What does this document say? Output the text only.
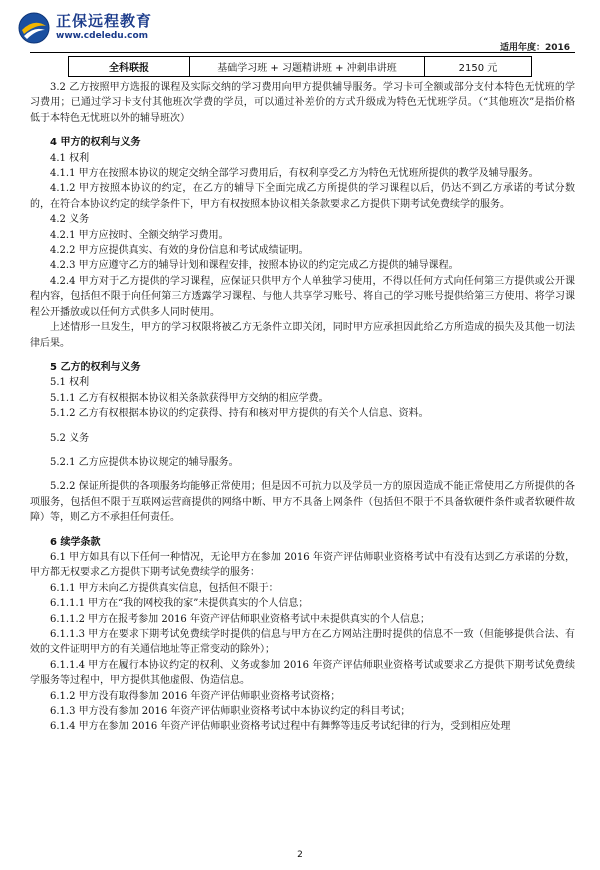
正保远程教育
www.cdeledu.com
适用年度：2016
全科联报	基础学习班 + 习题精讲班 + 冲刺串讲班	2150 元

3.2 乙方按照甲方选报的课程及实际交纳的学习费用向甲方提供辅导服务。学习卡可全额或部分支付本特色无忧班的学习费用；已通过学习卡支付其他班次学费的学员，可以通过补差价的方式升级成为特色无忧班学员。（“其他班次”是指价格低于本特色无忧班以外的辅导班次）

4 甲方的权利与义务

4.1 权利

4.1.1 甲方在按照本协议的规定交纳全部学习费用后，有权利享受乙方为特色无忧班所提供的教学及辅导服务。

4.1.2 甲方按照本协议的约定，在乙方的辅导下全面完成乙方所提供的学习课程以后，仍达不到乙方承诺的考试分数的，在符合本协议约定的续学条件下，甲方有权按照本协议相关条款要求乙方提供下期考试免费续学的服务。

4.2 义务

4.2.1 甲方应按时、全额交纳学习费用。

4.2.2 甲方应提供真实、有效的身份信息和考试成绩证明。

4.2.3 甲方应遵守乙方的辅导计划和课程安排，按照本协议的约定完成乙方提供的辅导课程。

4.2.4 甲方对于乙方提供的学习课程，应保证只供甲方个人单独学习使用，不得以任何方式向任何第三方提供或公开课程内容，包括但不限于向任何第三方透露学习课程、与他人共享学习账号、将自己的学习账号提供给第三方使用、将学习课程公开播放或以任何方式供多人同时使用。

上述情形一旦发生，甲方的学习权限将被乙方无条件立即关闭，同时甲方应承担因此给乙方所造成的损失及其他一切法律后果。

5 乙方的权利与义务

5.1 权利

5.1.1 乙方有权根据本协议相关条款获得甲方交纳的相应学费。

5.1.2 乙方有权根据本协议的约定获得、持有和核对甲方提供的有关个人信息、资料。

5.2 义务

5.2.1 乙方应提供本协议规定的辅导服务。

5.2.2 保证所提供的各项服务均能够正常使用；但是因不可抗力以及学员一方的原因造成不能正常使用乙方所提供的各项服务，包括但不限于互联网运营商提供的网络中断、甲方不具备上网条件（包括但不限于不具备软硬件条件或者软硬件故障）等，则乙方不承担任何责任。

6 续学条款

6.1 甲方如具有以下任何一种情况，无论甲方在参加 2016 年资产评估师职业资格考试中有没有达到乙方承诺的分数，甲方都无权要求乙方提供下期考试免费续学的服务：

6.1.1 甲方未向乙方提供真实信息，包括但不限于：

6.1.1.1 甲方在“我的网校我的家”未提供真实的个人信息；

6.1.1.2 甲方在报考参加 2016 年资产评估师职业资格考试中未提供真实的个人信息；

6.1.1.3 甲方在要求下期考试免费续学时提供的信息与甲方在乙方网站注册时提供的信息不一致（但能够提供合法、有效的文件证明甲方的有关通信地址等正常变动的除外）；

6.1.1.4 甲方在履行本协议约定的权利、义务或参加 2016 年资产评估师职业资格考试或要求乙方提供下期考试免费续学服务等过程中，甲方提供其他虚假、伪造信息。

6.1.2 甲方没有取得参加 2016 年资产评估师职业资格考试资格；

6.1.3 甲方没有参加 2016 年资产评估师职业资格考试中本协议约定的科目考试；

6.1.4 甲方在参加 2016 年资产评估师职业资格考试过程中有舞弊等违反考试纪律的行为，受到相应处理

2
